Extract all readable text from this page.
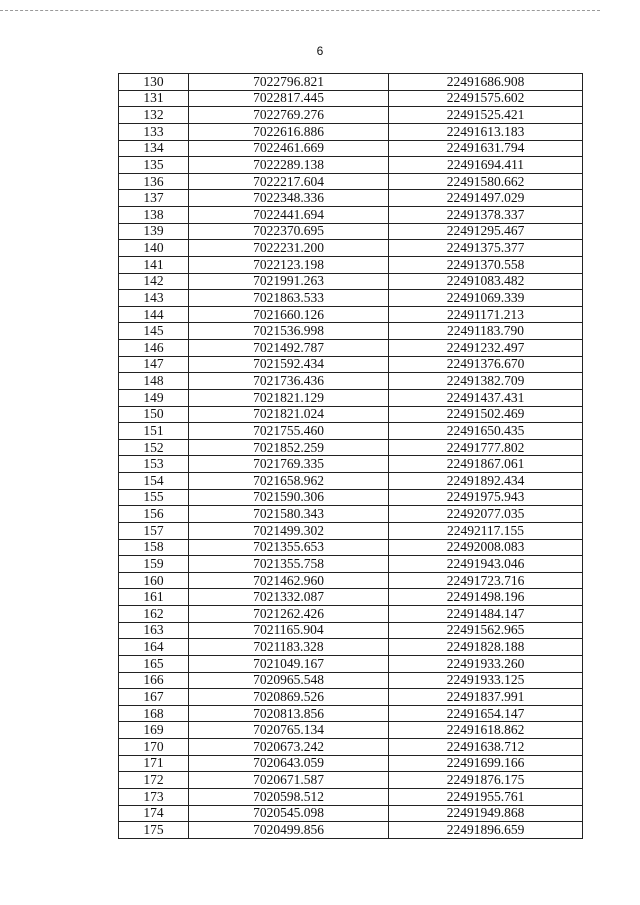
6
130	7022796.821	22491686.908
131	7022817.445	22491575.602
132	7022769.276	22491525.421
133	7022616.886	22491613.183
134	7022461.669	22491631.794
135	7022289.138	22491694.411
136	7022217.604	22491580.662
137	7022348.336	22491497.029
138	7022441.694	22491378.337
139	7022370.695	22491295.467
140	7022231.200	22491375.377
141	7022123.198	22491370.558
142	7021991.263	22491083.482
143	7021863.533	22491069.339
144	7021660.126	22491171.213
145	7021536.998	22491183.790
146	7021492.787	22491232.497
147	7021592.434	22491376.670
148	7021736.436	22491382.709
149	7021821.129	22491437.431
150	7021821.024	22491502.469
151	7021755.460	22491650.435
152	7021852.259	22491777.802
153	7021769.335	22491867.061
154	7021658.962	22491892.434
155	7021590.306	22491975.943
156	7021580.343	22492077.035
157	7021499.302	22492117.155
158	7021355.653	22492008.083
159	7021355.758	22491943.046
160	7021462.960	22491723.716
161	7021332.087	22491498.196
162	7021262.426	22491484.147
163	7021165.904	22491562.965
164	7021183.328	22491828.188
165	7021049.167	22491933.260
166	7020965.548	22491933.125
167	7020869.526	22491837.991
168	7020813.856	22491654.147
169	7020765.134	22491618.862
170	7020673.242	22491638.712
171	7020643.059	22491699.166
172	7020671.587	22491876.175
173	7020598.512	22491955.761
174	7020545.098	22491949.868
175	7020499.856	22491896.659
